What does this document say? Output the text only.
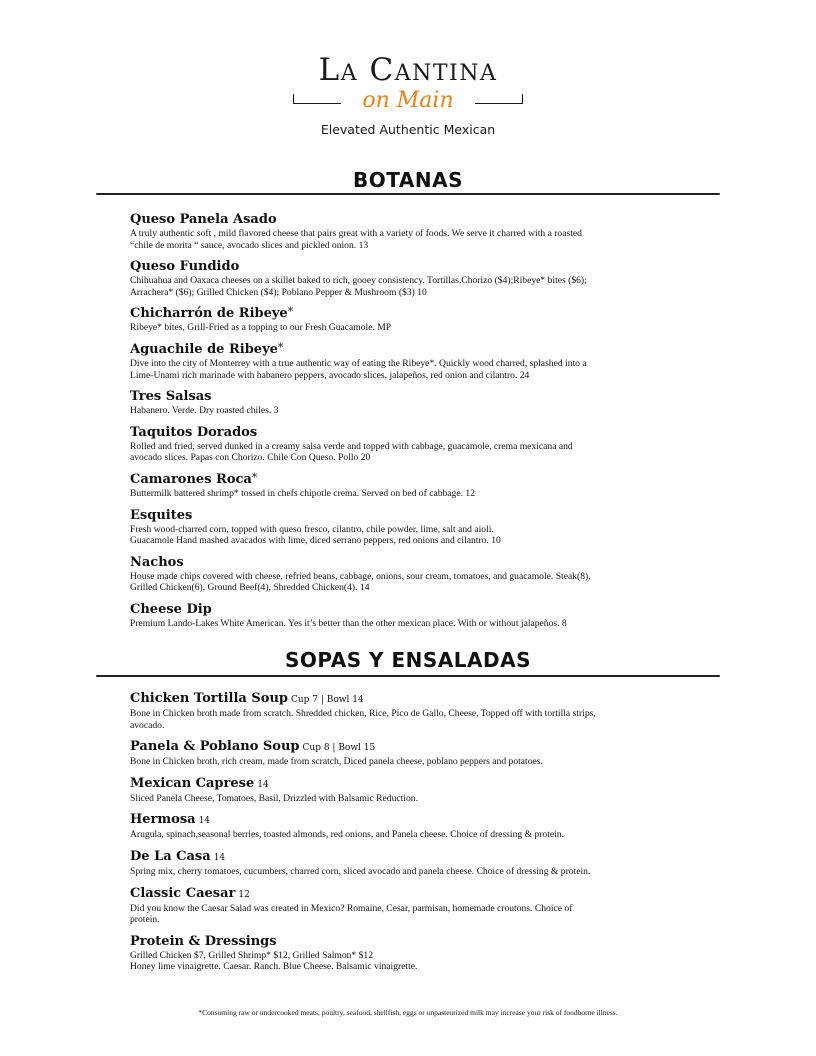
La Cantina
on Main
Elevated Authentic Mexican
BOTANAS
Queso Panela Asado
A truly authentic soft , mild flavored cheese that pairs great with a variety of foods. We serve it charred with a roasted
“chile de morita “ sauce, avocado slices and pickled onion. 13
Queso Fundido
Chihuahua and Oaxaca cheeses on a skillet baked to rich, gooey consistency. Tortillas.Chorizo ($4);Ribeye* bites ($6);
Arrachera* ($6); Grilled Chicken ($4); Poblano Pepper & Mushroom ($3) 10
Chicharrón de Ribeye*
Ribeye* bites, Grill-Fried as a topping to our Fresh Guacamole. MP
Aguachile de Ribeye*
Dive into the city of Monterrey with a true authentic way of eating the Ribeye*. Quickly wood charred, splashed into a
Lime-Unami rich marinade with habanero peppers, avocado slices, jalapeños, red onion and cilantro. 24
Tres Salsas
Habanero. Verde. Dry roasted chiles. 3
Taquitos Dorados
Rolled and fried, served dunked in a creamy salsa verde and topped with cabbage, guacamole, crema mexicana and
avocado slices. Papas con Chorizo. Chile Con Queso. Pollo 20
Camarones Roca*
Buttermilk battered shrimp* tossed in chefs chipotle crema. Served on bed of cabbage. 12
Esquites
Fresh wood-charred corn, topped with queso fresco, cilantro, chile powder, lime, salt and aioli.
Guacamole Hand mashed avacados with lime, diced serrano peppers, red onions and cilantro. 10
Nachos
House made chips covered with cheese, refried beans, cabbage, onions, sour cream, tomatoes, and guacamole. Steak(8),
Grilled Chicken(6), Ground Beef(4), Shredded Chicken(4). 14
Cheese Dip
Premium Lando-Lakes White American. Yes it’s better than the other mexican place. With or without jalapeños. 8
SOPAS Y ENSALADAS
Chicken Tortilla Soup Cup 7 | Bowl 14
Bone in Chicken broth made from scratch. Shredded chicken, Rice, Pico de Gallo, Cheese, Topped off with tortilla strips,
avocado.
Panela & Poblano Soup Cup 8 | Bowl 15
Bone in Chicken broth, rich cream, made from scratch, Diced panela cheese, poblano peppers and potatoes.
Mexican Caprese 14
Sliced Panela Cheese, Tomatoes, Basil, Drizzled with Balsamic Reduction.
Hermosa 14
Arugula, spinach,seasonal berries, toasted almonds, red onions, and Panela cheese. Choice of dressing & protein.
De La Casa 14
Spring mix, cherry tomatoes, cucumbers, charred corn, sliced avocado and panela cheese. Choice of dressing & protein.
Classic Caesar 12
Did you know the Caesar Salad was created in Mexico? Romaine, Cesar, parmisan, homemade croutons. Choice of
protein.
Protein & Dressings
Grilled Chicken $7, Grilled Shrimp* $12, Grilled Salmon* $12
Honey lime vinaigrette. Caesar. Ranch. Blue Cheese. Balsamic vinaigrette.
*Consuming raw or undercooked meats, poultry, seafood, shellfish, eggs or unpasteurized milk may increase your risk of foodborne illness.
